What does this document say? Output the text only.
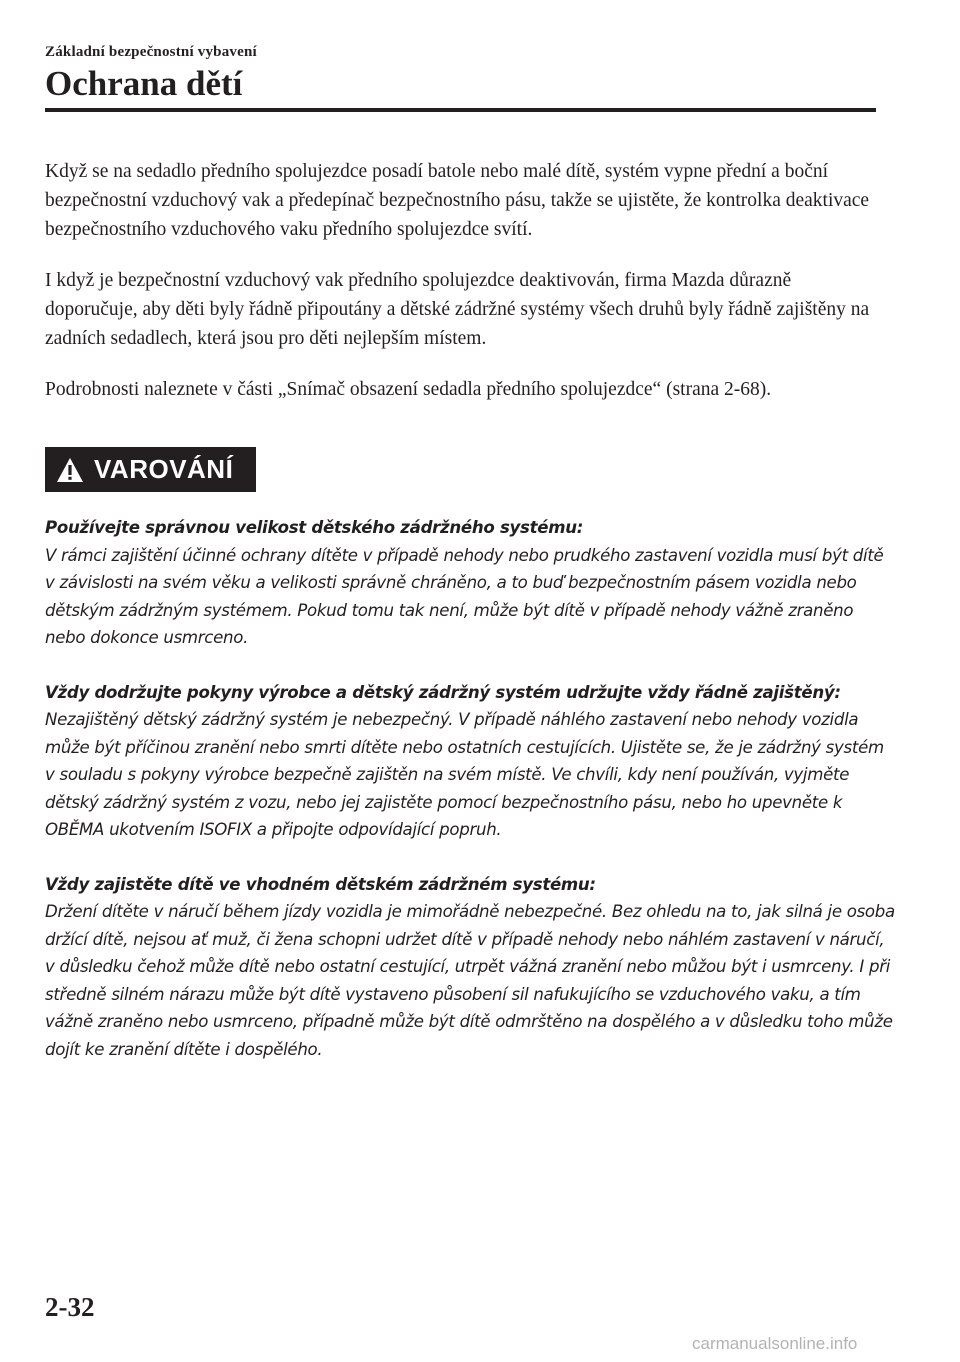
Základní bezpečnostní vybavení
Ochrana dětí

Když se na sedadlo předního spolujezdce posadí batole nebo malé dítě, systém vypne přední a boční bezpečnostní vzduchový vak a předepínač bezpečnostního pásu, takže se ujistěte, že kontrolka deaktivace bezpečnostního vzduchového vaku předního spolujezdce svítí.

I když je bezpečnostní vzduchový vak předního spolujezdce deaktivován, firma Mazda důrazně doporučuje, aby děti byly řádně připoutány a dětské zádržné systémy všech druhů byly řádně zajištěny na zadních sedadlech, která jsou pro děti nejlepším místem.

Podrobnosti naleznete v části „Snímač obsazení sedadla předního spolujezdce“ (strana 2-68).

VAROVÁNÍ
Používejte správnou velikost dětského zádržného systému:
V rámci zajištění účinné ochrany dítěte v případě nehody nebo prudkého zastavení vozidla musí být dítě v závislosti na svém věku a velikosti správně chráněno, a to buď bezpečnostním pásem vozidla nebo dětským zádržným systémem. Pokud tomu tak není, může být dítě v případě nehody vážně zraněno nebo dokonce usmrceno.
Vždy dodržujte pokyny výrobce a dětský zádržný systém udržujte vždy řádně zajištěný:
Nezajištěný dětský zádržný systém je nebezpečný. V případě náhlého zastavení nebo nehody vozidla může být příčinou zranění nebo smrti dítěte nebo ostatních cestujících. Ujistěte se, že je zádržný systém v souladu s pokyny výrobce bezpečně zajištěn na svém místě. Ve chvíli, kdy není používán, vyjměte dětský zádržný systém z vozu, nebo jej zajistěte pomocí bezpečnostního pásu, nebo ho upevněte k OBĚMA ukotvením ISOFIX a připojte odpovídající popruh.
Vždy zajistěte dítě ve vhodném dětském zádržném systému:
Držení dítěte v náručí během jízdy vozidla je mimořádně nebezpečné. Bez ohledu na to, jak silná je osoba držící dítě, nejsou ať muž, či žena schopni udržet dítě v případě nehody nebo náhlém zastavení v náručí, v důsledku čehož může dítě nebo ostatní cestující, utrpět vážná zranění nebo můžou být i usmrceny. I při středně silném nárazu může být dítě vystaveno působení sil nafukujícího se vzduchového vaku, a tím vážně zraněno nebo usmrceno, případně může být dítě odmrštěno na dospělého a v důsledku toho může dojít ke zranění dítěte i dospělého.
2-32
carmanualsonline.info
